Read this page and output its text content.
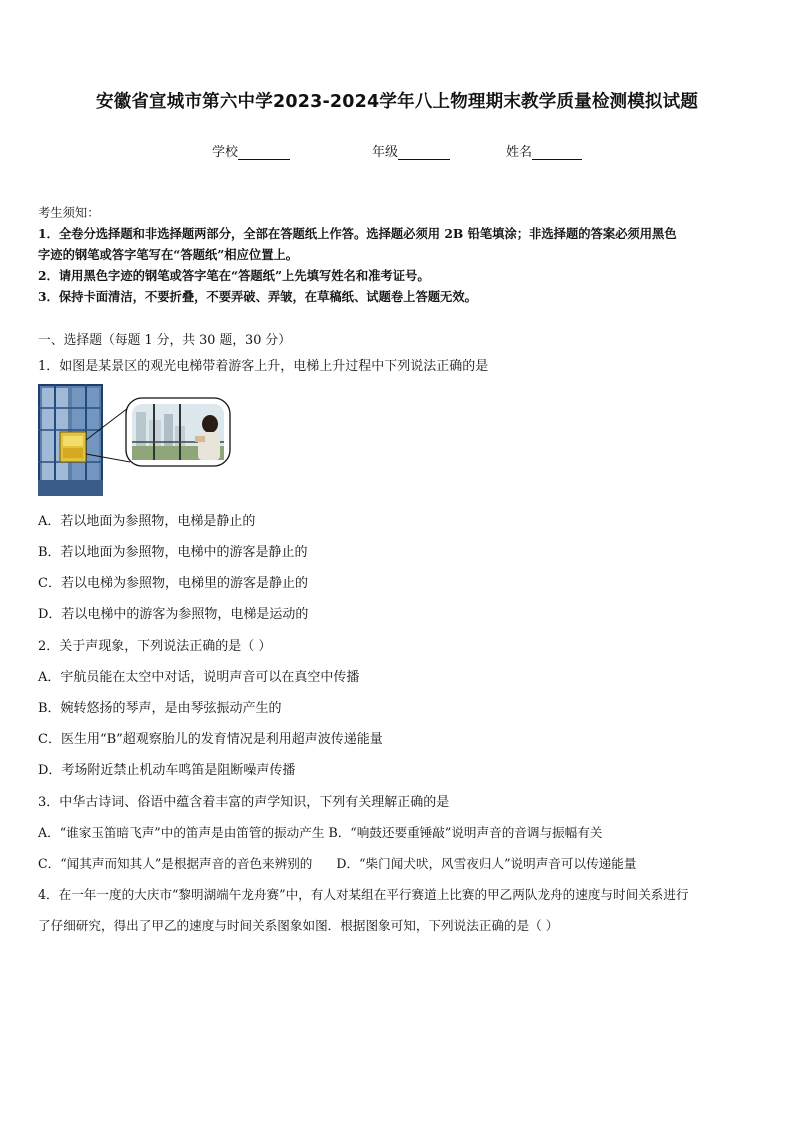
安徽省宣城市第六中学2023-2024学年八上物理期末教学质量检测模拟试题
学校	年级	姓名
考生须知：
1．全卷分选择题和非选择题两部分，全部在答题纸上作答。选择题必须用 2B 铅笔填涂；非选择题的答案必须用黑色
字迹的钢笔或答字笔写在“答题纸”相应位置上。
2．请用黑色字迹的钢笔或答字笔在“答题纸”上先填写姓名和准考证号。
3．保持卡面清洁，不要折叠，不要弄破、弄皱，在草稿纸、试题卷上答题无效。
一、选择题（每题 1 分，共 30 题，30 分）
1．如图是某景区的观光电梯带着游客上升，电梯上升过程中下列说法正确的是
A．若以地面为参照物，电梯是静止的
B．若以地面为参照物，电梯中的游客是静止的
C．若以电梯为参照物，电梯里的游客是静止的
D．若以电梯中的游客为参照物，电梯是运动的
2．关于声现象，下列说法正确的是（ ）
A．宇航员能在太空中对话，说明声音可以在真空中传播
B．婉转悠扬的琴声，是由琴弦振动产生的
C．医生用“B”超观察胎儿的发育情况是利用超声波传递能量
D．考场附近禁止机动车鸣笛是阻断噪声传播
3．中华古诗词、俗语中蕴含着丰富的声学知识，下列有关理解正确的是
A．“谁家玉笛暗飞声”中的笛声是由笛管的振动产生 B．“响鼓还要重锤敲”说明声音的音调与振幅有关
C．“闻其声而知其人”是根据声音的音色来辨别的      D．“柴门闻犬吠，风雪夜归人”说明声音可以传递能量
4．在一年一度的大庆市“黎明湖端午龙舟赛”中，有人对某组在平行赛道上比赛的甲乙两队龙舟的速度与时间关系进行
了仔细研究，得出了甲乙的速度与时间关系图象如图．根据图象可知，下列说法正确的是（ ）
